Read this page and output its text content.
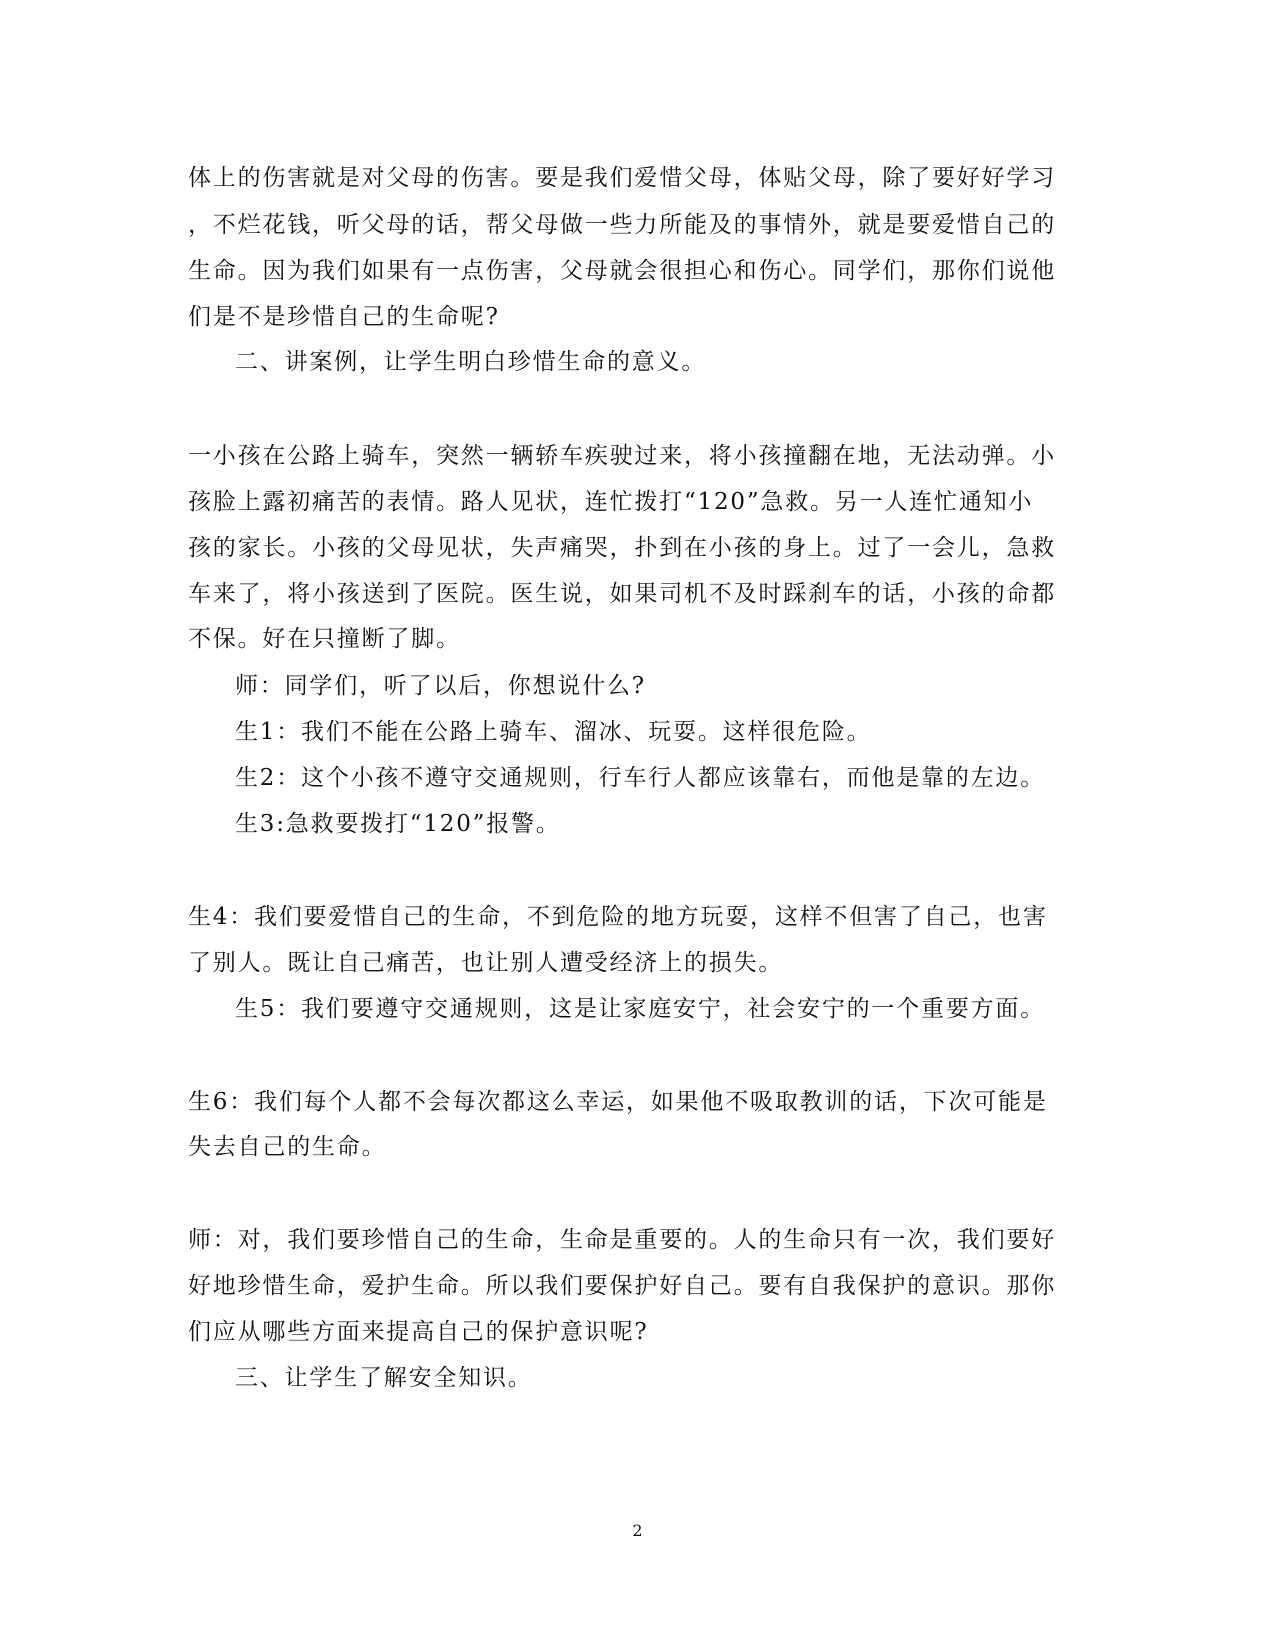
体上的伤害就是对父母的伤害。要是我们爱惜父母，体贴父母，除了要好好学习
，不烂花钱，听父母的话，帮父母做一些力所能及的事情外，就是要爱惜自己的
生命。因为我们如果有一点伤害，父母就会很担心和伤心。同学们，那你们说他
们是不是珍惜自己的生命呢?
二、讲案例，让学生明白珍惜生命的意义。
一小孩在公路上骑车，突然一辆轿车疾驶过来，将小孩撞翻在地，无法动弹。小
孩脸上露初痛苦的表情。路人见状，连忙拨打“120”急救。另一人连忙通知小
孩的家长。小孩的父母见状，失声痛哭，扑到在小孩的身上。过了一会儿，急救
车来了，将小孩送到了医院。医生说，如果司机不及时踩刹车的话，小孩的命都
不保。好在只撞断了脚。
师：同学们，听了以后，你想说什么?
生1：我们不能在公路上骑车、溜冰、玩耍。这样很危险。
生2：这个小孩不遵守交通规则，行车行人都应该靠右，而他是靠的左边。
生3:急救要拨打“120”报警。
生4：我们要爱惜自己的生命，不到危险的地方玩耍，这样不但害了自己，也害
了别人。既让自己痛苦，也让别人遭受经济上的损失。
生5：我们要遵守交通规则，这是让家庭安宁，社会安宁的一个重要方面。
生6：我们每个人都不会每次都这么幸运，如果他不吸取教训的话，下次可能是
失去自己的生命。
师：对，我们要珍惜自己的生命，生命是重要的。人的生命只有一次，我们要好
好地珍惜生命，爱护生命。所以我们要保护好自己。要有自我保护的意识。那你
们应从哪些方面来提高自己的保护意识呢?
三、让学生了解安全知识。
2
